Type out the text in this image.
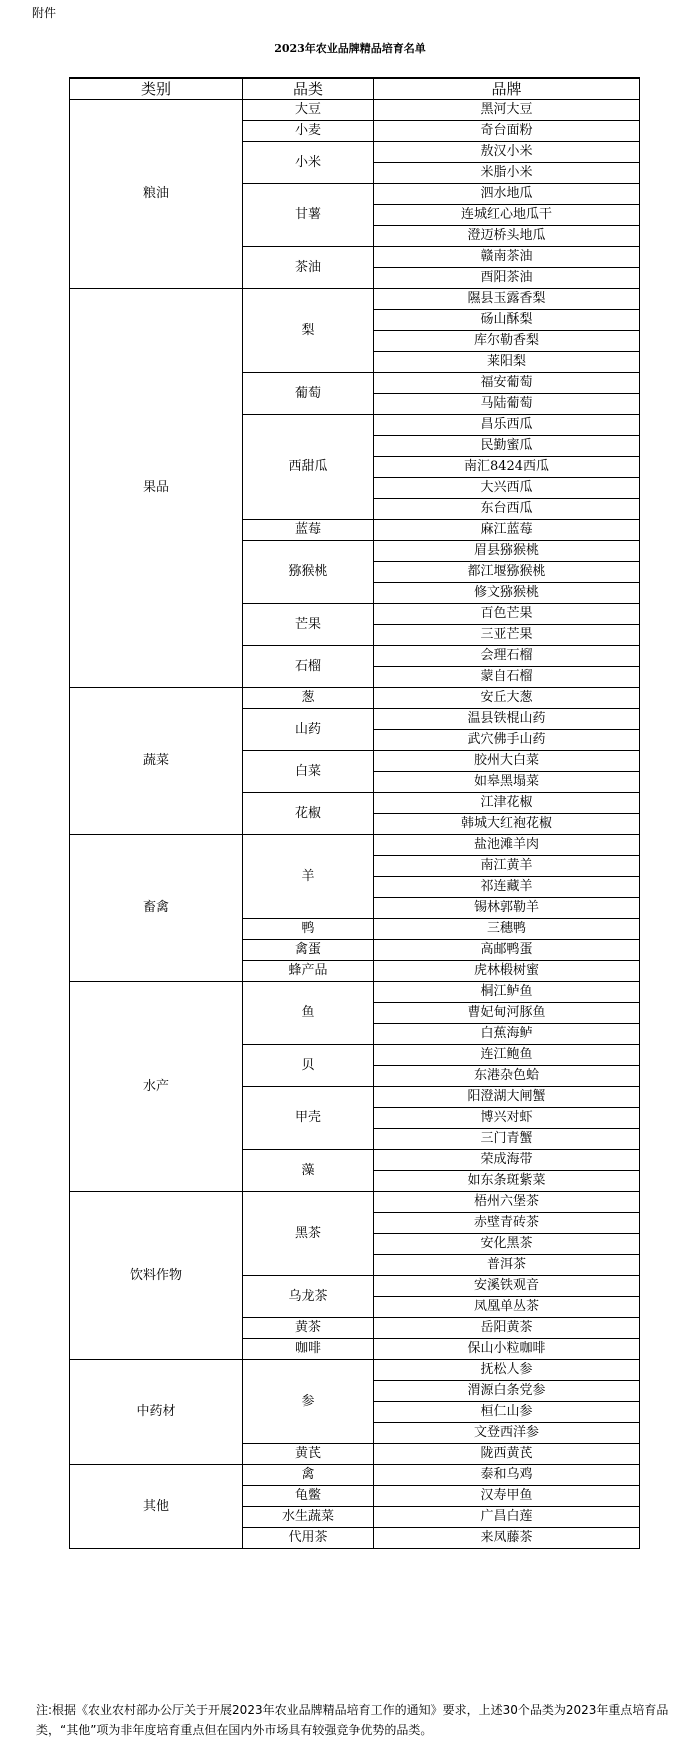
附件
2023年农业品牌精品培育名单
类别	品类	品牌
粮油	大豆	黑河大豆
	小麦	奇台面粉
	小米	敖汉小米
		米脂小米
	甘薯	泗水地瓜
		连城红心地瓜干
		澄迈桥头地瓜
	茶油	赣南茶油
		酉阳茶油
果品	梨	隰县玉露香梨
		砀山酥梨
		库尔勒香梨
		莱阳梨
	葡萄	福安葡萄
		马陆葡萄
	西甜瓜	昌乐西瓜
		民勤蜜瓜
		南汇8424西瓜
		大兴西瓜
		东台西瓜
	蓝莓	麻江蓝莓
	猕猴桃	眉县猕猴桃
		都江堰猕猴桃
		修文猕猴桃
	芒果	百色芒果
		三亚芒果
	石榴	会理石榴
		蒙自石榴
蔬菜	葱	安丘大葱
	山药	温县铁棍山药
		武穴佛手山药
	白菜	胶州大白菜
		如皋黑塌菜
	花椒	江津花椒
		韩城大红袍花椒
畜禽	羊	盐池滩羊肉
		南江黄羊
		祁连藏羊
		锡林郭勒羊
	鸭	三穗鸭
	禽蛋	高邮鸭蛋
	蜂产品	虎林椴树蜜
水产	鱼	桐江鲈鱼
		曹妃甸河豚鱼
		白蕉海鲈
	贝	连江鲍鱼
		东港杂色蛤
	甲壳	阳澄湖大闸蟹
		博兴对虾
		三门青蟹
	藻	荣成海带
		如东条斑紫菜
饮料作物	黑茶	梧州六堡茶
		赤壁青砖茶
		安化黑茶
		普洱茶
	乌龙茶	安溪铁观音
		凤凰单丛茶
	黄茶	岳阳黄茶
	咖啡	保山小粒咖啡
中药材	参	抚松人参
		渭源白条党参
		桓仁山参
		文登西洋参
	黄芪	陇西黄芪
其他	禽	泰和乌鸡
	龟鳖	汉寿甲鱼
	水生蔬菜	广昌白莲
	代用茶	来凤藤茶
注:根据《农业农村部办公厅关于开展2023年农业品牌精品培育工作的通知》要求，上述30个品类为2023年重点培育品类，“其他”项为非年度培育重点但在国内外市场具有较强竞争优势的品类。
